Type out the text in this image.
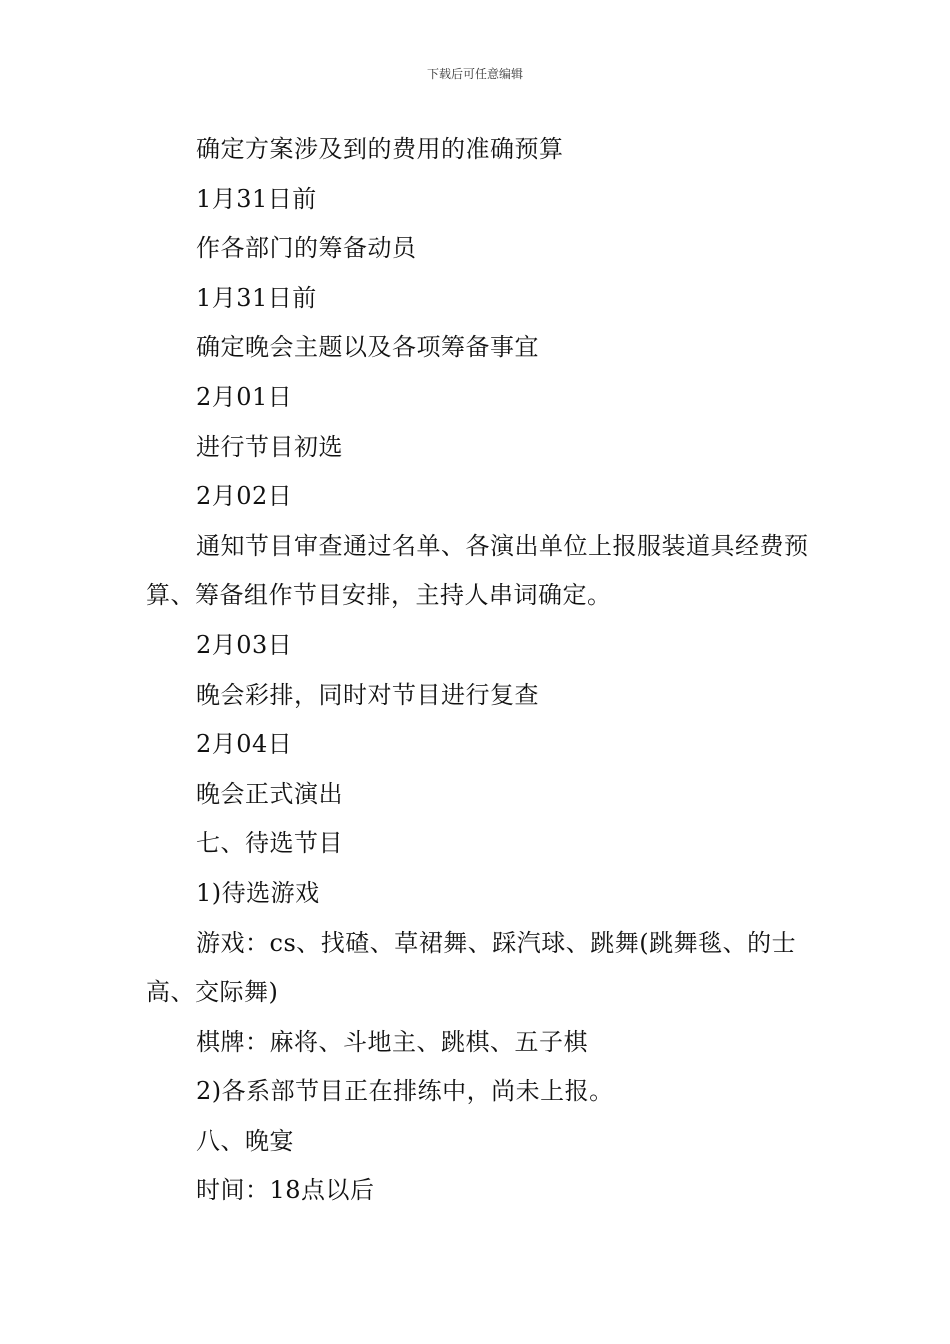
下载后可任意编辑

确定方案涉及到的费用的准确预算

1月31日前

作各部门的筹备动员

1月31日前

确定晚会主题以及各项筹备事宜

2月01日

进行节目初选

2月02日

通知节目审查通过名单、各演出单位上报服装道具经费预算、筹备组作节目安排，主持人串词确定。

2月03日

晚会彩排，同时对节目进行复查

2月04日

晚会正式演出

七、待选节目

1)待选游戏

游戏：cs、找碴、草裙舞、踩汽球、跳舞(跳舞毯、的士高、交际舞)

棋牌：麻将、斗地主、跳棋、五子棋

2)各系部节目正在排练中，尚未上报。

八、晚宴

时间：18点以后
